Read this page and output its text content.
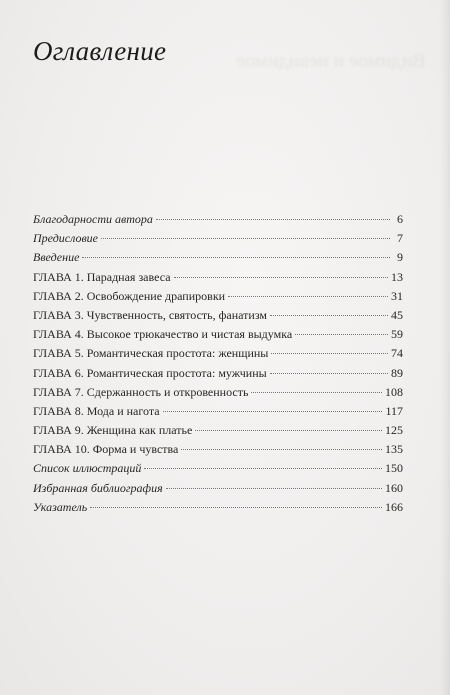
Оглавление	Видимое и невидимое
Благодарности автора	6
Предисловие	7
Введение	9
ГЛАВА 1. Парадная завеса	13
ГЛАВА 2. Освобождение драпировки	31
ГЛАВА 3. Чувственность, святость, фанатизм	45
ГЛАВА 4. Высокое трюкачество и чистая выдумка	59
ГЛАВА 5. Романтическая простота: женщины	74
ГЛАВА 6. Романтическая простота: мужчины	89
ГЛАВА 7. Сдержанность и откровенность	108
ГЛАВА 8. Мода и нагота	117
ГЛАВА 9. Женщина как платье	125
ГЛАВА 10. Форма и чувства	135
Список иллюстраций	150
Избранная библиография	160
Указатель	166
